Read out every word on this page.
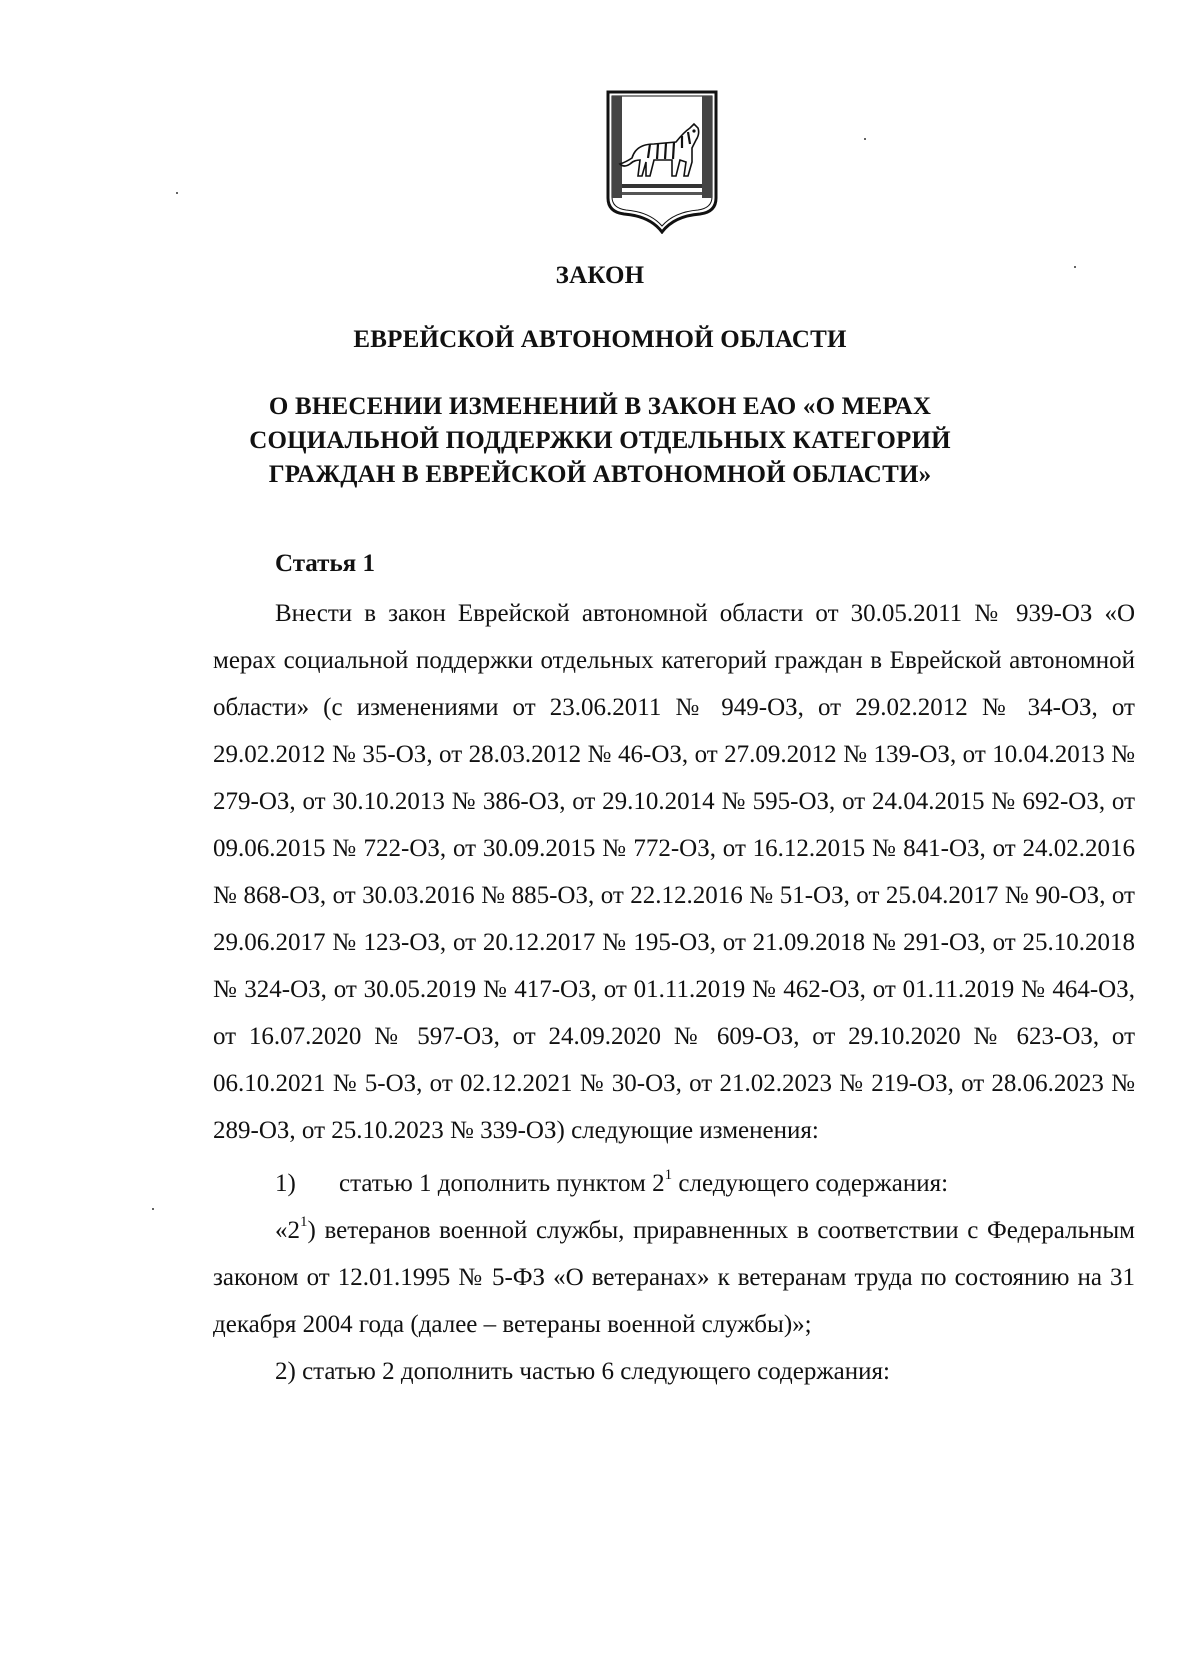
ЗАКОН
ЕВРЕЙСКОЙ АВТОНОМНОЙ ОБЛАСТИ
О ВНЕСЕНИИ ИЗМЕНЕНИЙ В ЗАКОН ЕАО «О МЕРАХ
СОЦИАЛЬНОЙ ПОДДЕРЖКИ ОТДЕЛЬНЫХ КАТЕГОРИЙ
ГРАЖДАН В ЕВРЕЙСКОЙ АВТОНОМНОЙ ОБЛАСТИ»
Статья 1

Внести в закон Еврейской автономной области от 30.05.2011 № 939-ОЗ «О мерах социальной поддержки отдельных категорий граждан в Еврейской автономной области» (с изменениями от 23.06.2011 № 949-ОЗ, от 29.02.2012 № 34-ОЗ, от 29.02.2012 № 35-ОЗ, от 28.03.2012 № 46-ОЗ, от 27.09.2012 № 139-ОЗ, от 10.04.2013 № 279-ОЗ, от 30.10.2013 № 386-ОЗ, от 29.10.2014 № 595-ОЗ, от 24.04.2015 № 692-ОЗ, от 09.06.2015 № 722-ОЗ, от 30.09.2015 № 772-ОЗ, от 16.12.2015 № 841-ОЗ, от 24.02.2016 № 868-ОЗ, от 30.03.2016 № 885-ОЗ, от 22.12.2016 № 51-ОЗ, от 25.04.2017 № 90-ОЗ, от 29.06.2017 № 123-ОЗ, от 20.12.2017 № 195-ОЗ, от 21.09.2018 № 291-ОЗ, от 25.10.2018 № 324-ОЗ, от 30.05.2019 № 417-ОЗ, от 01.11.2019 № 462-ОЗ, от 01.11.2019 № 464-ОЗ, от 16.07.2020 № 597-ОЗ, от 24.09.2020 № 609-ОЗ, от 29.10.2020 № 623-ОЗ, от 06.10.2021 № 5-ОЗ, от 02.12.2021 № 30-ОЗ, от 21.02.2023 № 219-ОЗ, от 28.06.2023 № 289-ОЗ, от 25.10.2023 № 339-ОЗ) следующие изменения:

1) статью 1 дополнить пунктом $2^1$ следующего содержания:

«$2^1$) ветеранов военной службы, приравненных в соответствии с Федеральным законом от 12.01.1995 № 5-ФЗ «О ветеранах» к ветеранам труда по состоянию на 31 декабря 2004 года (далее – ветераны военной службы)»;

2) статью 2 дополнить частью 6 следующего содержания:
